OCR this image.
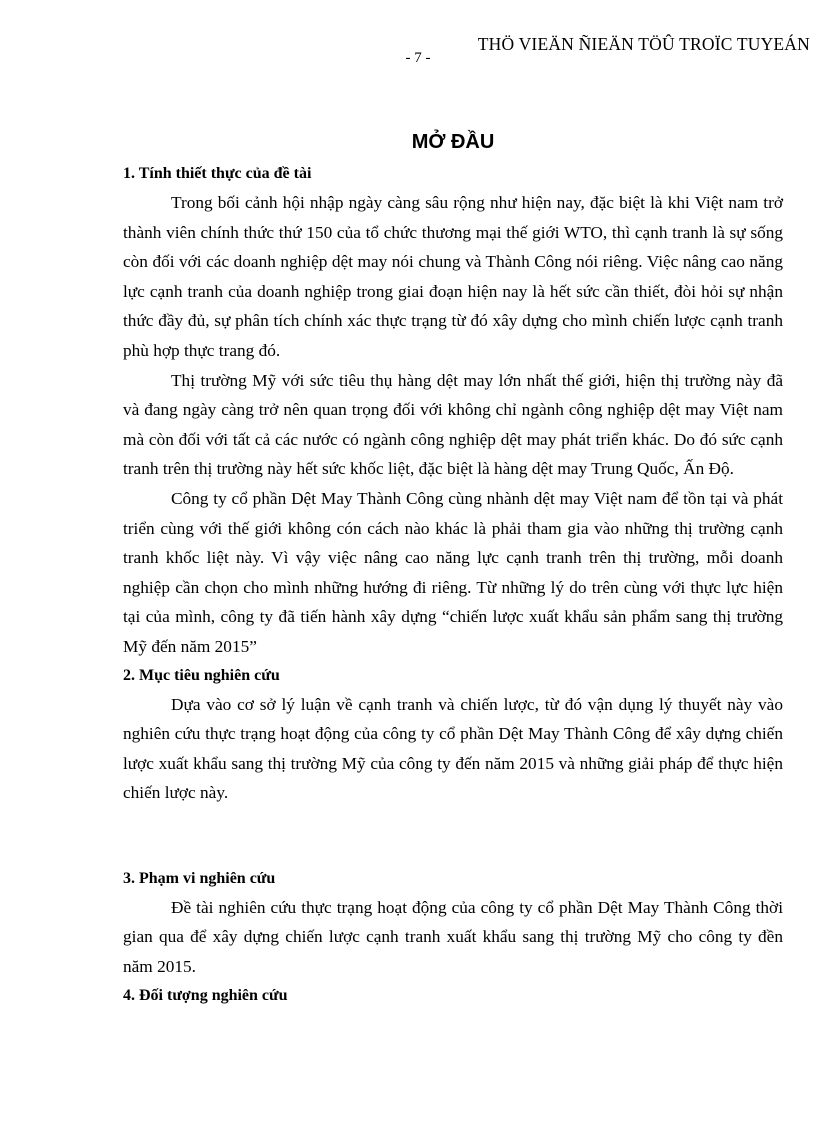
THÖ VIEÄN ÑIEÄN TÖÛ TROÏC TUYEÁN
- 7 -
MỞ ĐẦU
1. Tính thiết thực của đề tài

Trong bối cảnh hội nhập ngày càng sâu rộng như hiện nay, đặc biệt là khi Việt nam trở thành viên chính thức thứ 150 của tổ chức thương mại thế giới WTO, thì cạnh tranh là sự sống còn đối với các doanh nghiệp dệt may nói chung và Thành Công nói riêng. Việc nâng cao năng lực cạnh tranh của doanh nghiệp trong giai đoạn hiện nay là hết sức cần thiết, đòi hỏi sự nhận thức đầy đủ, sự phân tích chính xác thực trạng từ đó xây dựng cho mình chiến lược cạnh tranh phù hợp thực trang đó.

Thị trường Mỹ với sức tiêu thụ hàng dệt may lớn nhất thế giới, hiện thị trường này đã và đang ngày càng trở nên quan trọng đối với không chỉ ngành công nghiệp dệt may Việt nam mà còn đối với tất cả các nước có ngành công nghiệp dệt may phát triển khác. Do đó sức cạnh tranh trên thị trường này hết sức khốc liệt, đặc biệt là hàng dệt may Trung Quốc, Ấn Độ.

Công ty cổ phần Dệt May Thành Công cùng nhành dệt may Việt nam để tồn tại và phát triển cùng với thế giới không cón cách nào khác là phải tham gia vào những thị trường cạnh tranh khốc liệt này. Vì vậy việc nâng cao năng lực cạnh tranh trên thị trường, mỗi doanh nghiệp cần chọn cho mình những hướng đi riêng. Từ những lý do trên cùng với thực lực hiện tại của mình, công ty đã tiến hành xây dựng “chiến lược xuất khẩu sản phẩm sang thị trường Mỹ đến năm 2015”

2. Mục tiêu nghiên cứu

Dựa vào cơ sở lý luận về cạnh tranh và chiến lược, từ đó vận dụng lý thuyết này vào nghiên cứu thực trạng hoạt động của công ty cổ phần Dệt May Thành Công để xây dựng chiến lược xuất khẩu sang thị trường Mỹ của công ty đến năm 2015 và những giải pháp để thực hiện chiến lược này.

3. Phạm vi nghiên cứu

Đề tài nghiên cứu thực trạng hoạt động của công ty cổ phần Dệt May Thành Công thời gian qua để xây dựng chiến lược cạnh tranh xuất khẩu sang thị trường Mỹ cho công ty đền năm 2015.

4. Đối tượng nghiên cứu
